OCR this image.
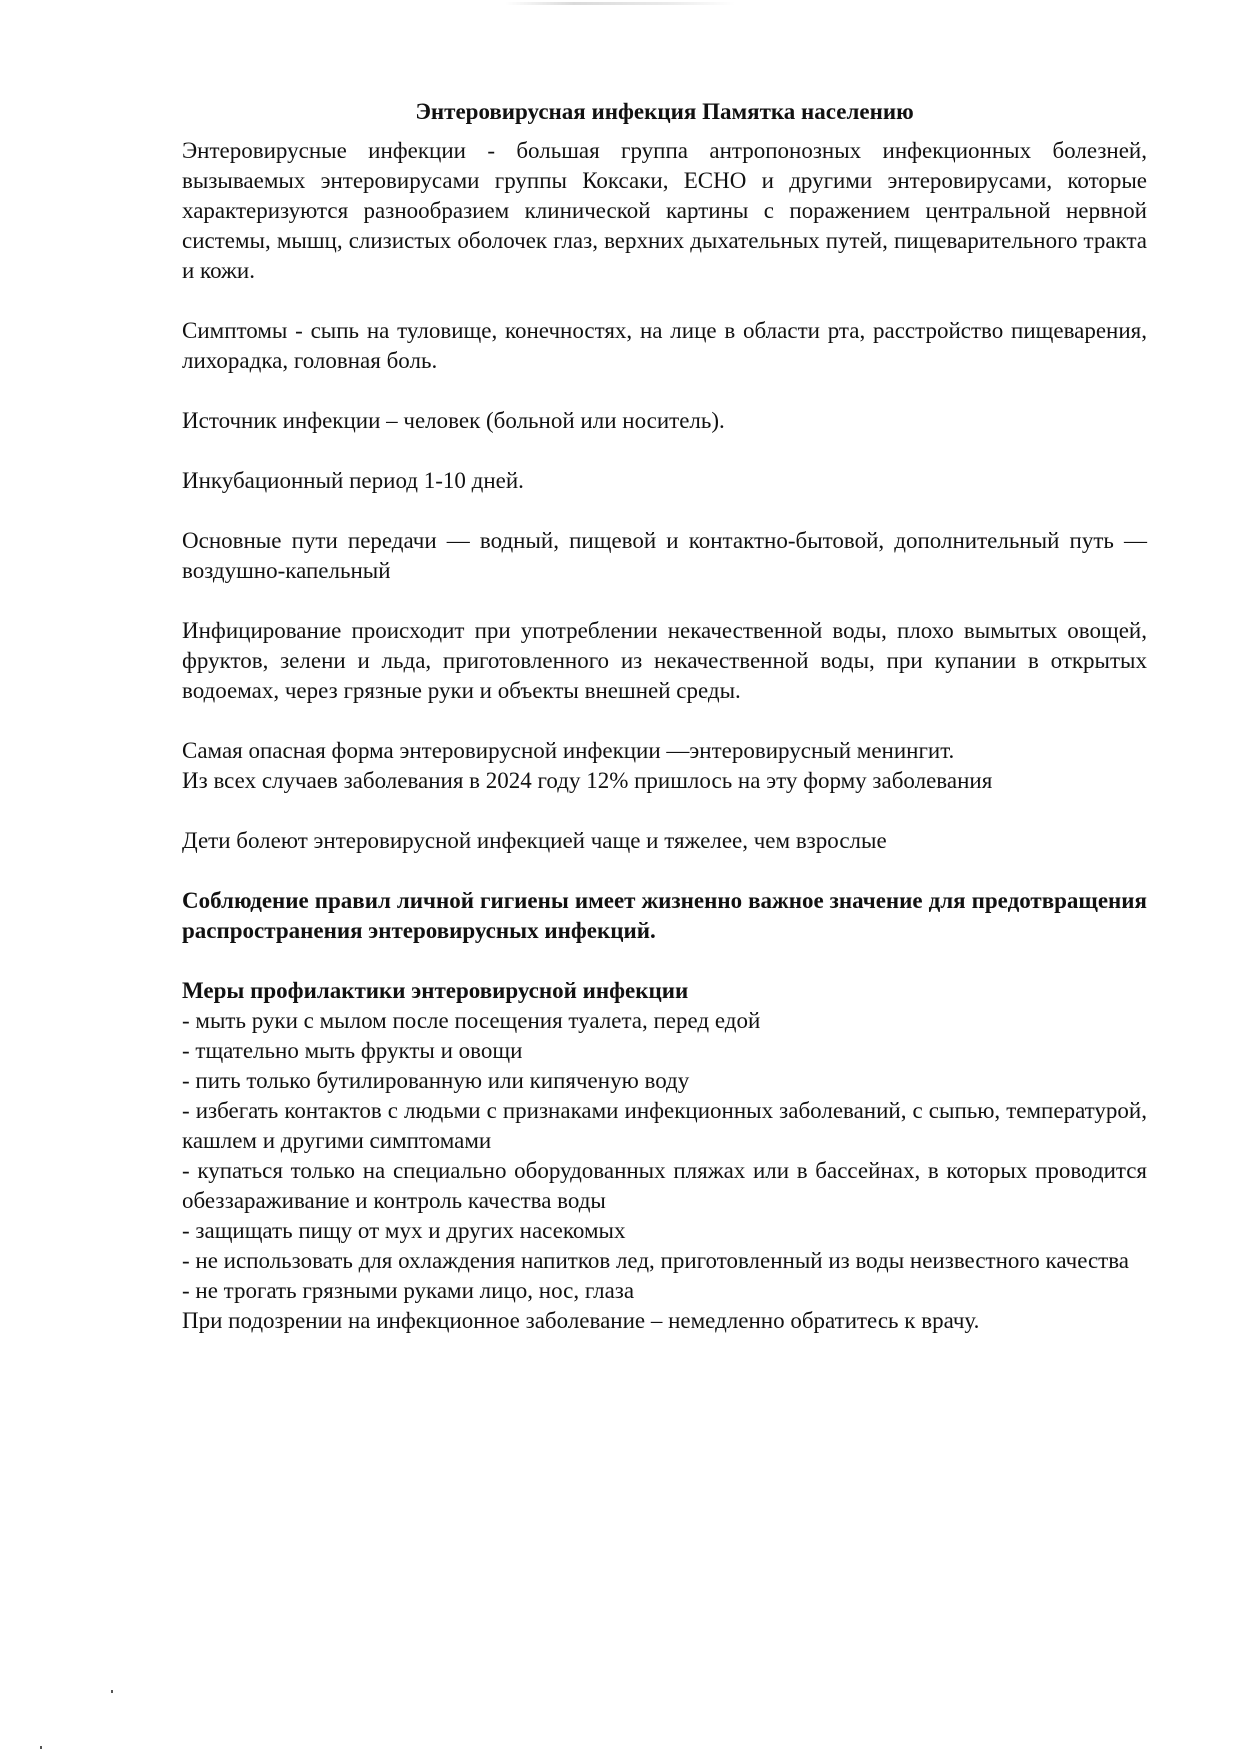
Энтеровирусная инфекция Памятка населению

Энтеровирусные инфекции - большая группа антропонозных инфекционных болезней, вызываемых энтеровирусами группы Коксаки, ЕСНО и другими энтеровирусами, которые характеризуются разнообразием клинической картины с поражением центральной нервной системы, мышц, слизистых оболочек глаз, верхних дыхательных путей, пищеварительного тракта и кожи.

Симптомы - сыпь на туловище, конечностях, на лице в области рта, расстройство пищеварения, лихорадка, головная боль.

Источник инфекции – человек (больной или носитель).

Инкубационный период 1-10 дней.

Основные пути передачи — водный, пищевой и контактно-бытовой, дополнительный путь — воздушно-капельный

Инфицирование происходит при употреблении некачественной воды, плохо вымытых овощей, фруктов, зелени и льда, приготовленного из некачественной воды, при купании в открытых водоемах, через грязные руки и объекты внешней среды.

Самая опасная форма энтеровирусной инфекции —энтеровирусный менингит.
Из всех случаев заболевания в 2024 году 12% пришлось на эту форму заболевания

Дети болеют энтеровирусной инфекцией чаще и тяжелее, чем взрослые

Соблюдение правил личной гигиены имеет жизненно важное значение для предотвращения распространения энтеровирусных инфекций.

Меры профилактики энтеровирусной инфекции
- мыть руки с мылом после посещения туалета, перед едой
- тщательно мыть фрукты и овощи
- пить только бутилированную или кипяченую воду
- избегать контактов с людьми с признаками инфекционных заболеваний, с сыпью, температурой, кашлем и другими симптомами
- купаться только на специально оборудованных пляжах или в бассейнах, в которых проводится обеззараживание и контроль качества воды
- защищать пищу от мух и других насекомых
- не использовать для охлаждения напитков лед, приготовленный из воды неизвестного качества
- не трогать грязными руками лицо, нос, глаза

При подозрении на инфекционное заболевание – немедленно обратитесь к врачу.
